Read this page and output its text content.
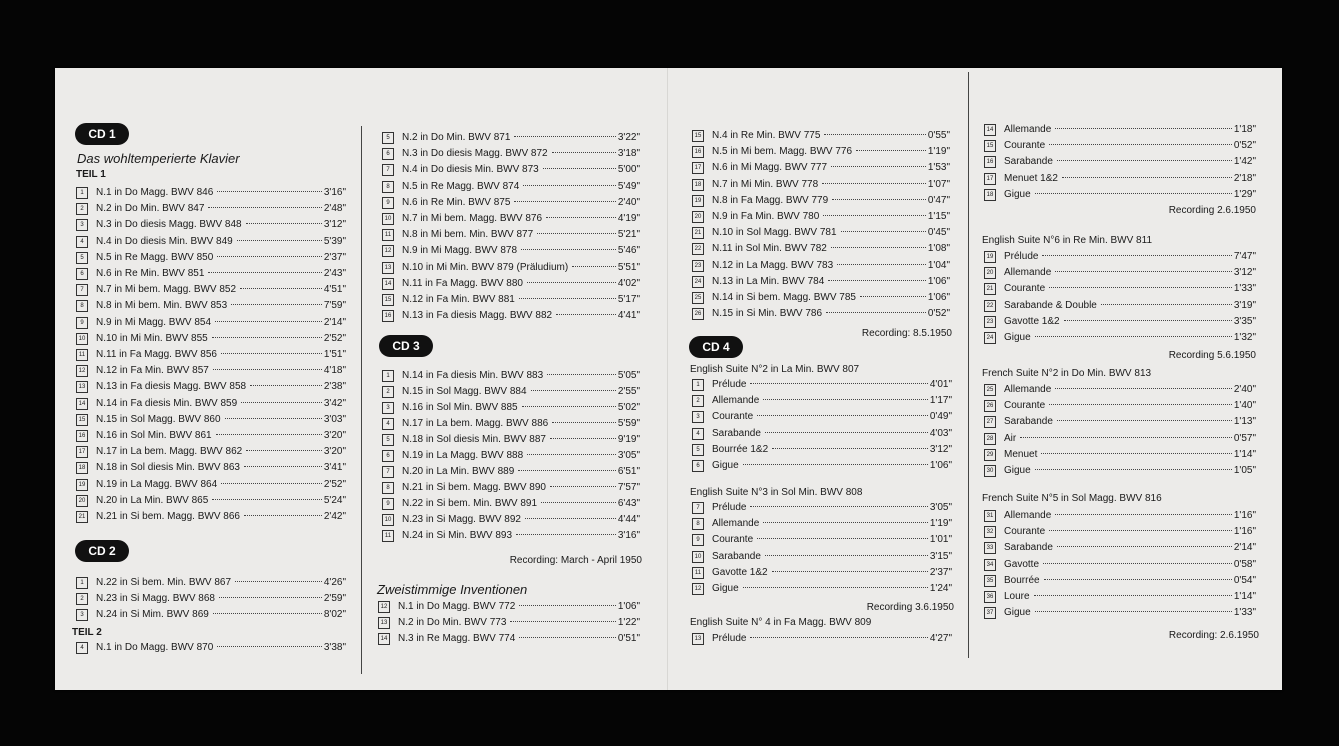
CD 1
Das wohltemperierte Klavier
TEIL 1
CD 2
TEIL 2
CD 3
Recording: March - April 1950
Zweistimmige Inventionen
Recording: 8.5.1950
CD 4
English Suite N°2 in La Min. BWV 807
English Suite N°3 in Sol Min. BWV 808
Recording 3.6.1950
English Suite N° 4 in Fa Magg. BWV 809
Recording 2.6.1950
English Suite N°6 in Re Min. BWV 811
Recording 5.6.1950
French Suite N°2 in Do Min. BWV 813
French Suite N°5 in Sol Magg. BWV 816
Recording: 2.6.1950
1	N.1 in Do Magg. BWV 846	3'16"
2	N.2 in Do Min. BWV 847	2'48"
3	N.3 in Do diesis Magg. BWV 848	3'12"
4	N.4 in Do diesis Min. BWV 849	5'39"
5	N.5 in Re Magg. BWV 850	2'37"
6	N.6 in Re Min. BWV 851	2'43"
7	N.7 in Mi bem. Magg. BWV 852	4'51"
8	N.8 in Mi bem. Min. BWV 853	7'59"
9	N.9 in Mi Magg. BWV 854	2'14"
10 N.10 in Mi Min. BWV 855	2'52"
11 N.11 in Fa Magg. BWV 856	1'51"
12 N.12 in Fa Min. BWV 857	4'18"
13 N.13 in Fa diesis Magg. BWV 858	2'38"
14 N.14 in Fa diesis Min. BWV 859	3'42"
15 N.15 in Sol Magg. BWV 860	3'03"
16 N.16 in Sol Min. BWV 861	3'20"
17 N.17 in La bem. Magg. BWV 862	3'20"
18 N.18 in Sol diesis Min. BWV 863	3'41"
19 N.19 in La Magg. BWV 864	2'52"
20 N.20 in La Min. BWV 865	5'24"
21 N.21 in Si bem. Magg. BWV 866	2'42"
1	N.22 in Si bem. Min. BWV 867	4'26"
2	N.23 in Si Magg. BWV 868	2'59"
3	N.24 in Si Mim. BWV 869	8'02"
4	N.1 in Do Magg. BWV 870	3'38"
5	N.2 in Do Min. BWV 871	3'22"
6	N.3 in Do diesis Magg. BWV 872	3'18"
7	N.4 in Do diesis Min. BWV 873	5'00"
8	N.5 in Re Magg. BWV 874	5'49"
9	N.6 in Re Min. BWV 875	2'40"
10 N.7 in Mi bem. Magg. BWV 876	4'19"
11 N.8 in Mi bem. Min. BWV 877	5'21"
12 N.9 in Mi Magg. BWV 878	5'46"
13 N.10 in Mi Min. BWV 879 (Präludium)	5'51"
14 N.11 in Fa Magg. BWV 880	4'02"
15 N.12 in Fa Min. BWV 881	5'17"
16 N.13 in Fa diesis Magg. BWV 882	4'41"
1	N.14 in Fa diesis Min. BWV 883	5'05"
2	N.15 in Sol Magg. BWV 884	2'55"
3	N.16 in Sol Min. BWV 885	5'02"
4	N.17 in La bem. Magg. BWV 886	5'59"
5	N.18 in Sol diesis Min. BWV 887	9'19"
6	N.19 in La Magg. BWV 888	3'05"
7	N.20 in La Min. BWV 889	6'51"
8	N.21 in Si bem. Magg. BWV 890	7'57"
9	N.22 in Si bem. Min. BWV 891	6'43"
10 N.23 in Si Magg. BWV 892	4'44"
11 N.24 in Si Min. BWV 893	3'16"
12 N.1 in Do Magg. BWV 772	1'06"
13 N.2 in Do Min. BWV 773	1'22"
14 N.3 in Re Magg. BWV 774	0'51"
15 N.4 in Re Min. BWV 775	0'55"
16 N.5 in Mi bem. Magg. BWV 776	1'19"
17 N.6 in Mi Magg. BWV 777	1'53"
18 N.7 in Mi Min. BWV 778	1'07"
19 N.8 in Fa Magg. BWV 779	0'47"
20 N.9 in Fa Min. BWV 780	1'15"
21 N.10 in Sol Magg. BWV 781	0'45"
22 N.11 in Sol Min. BWV 782	1'08"
23 N.12 in La Magg. BWV 783	1'04"
24 N.13 in La Min. BWV 784	1'06"
25 N.14 in Si bem. Magg. BWV 785	1'06"
26 N.15 in Si Min. BWV 786	0'52"
1	Prélude	4'01"
2	Allemande	1'17"
3	Courante	0'49"
4	Sarabande	4'03"
5	Bourrée 1&2	3'12"
6	Gigue	1'06"
7	Prélude	3'05"
8	Allemande	1'19"
9	Courante	1'01"
10 Sarabande	3'15"
11 Gavotte 1&2	2'37"
12 Gigue	1'24"
13 Prélude	4'27"
14 Allemande	1'18"
15 Courante	0'52"
16 Sarabande	1'42"
17 Menuet 1&2	2'18"
18 Gigue	1'29"
19 Prélude	7'47"
20 Allemande	3'12"
21 Courante	1'33"
22 Sarabande & Double	3'19"
23 Gavotte 1&2	3'35"
24 Gigue	1'32"
25 Allemande	2'40"
26 Courante	1'40"
27 Sarabande	1'13"
28 Air	0'57"
29 Menuet	1'14"
30 Gigue	1'05"
31 Allemande	1'16"
32 Courante	1'16"
33 Sarabande	2'14"
34 Gavotte	0'58"
35 Bourrée	0'54"
36 Loure	1'14"
37 Gigue	1'33"
